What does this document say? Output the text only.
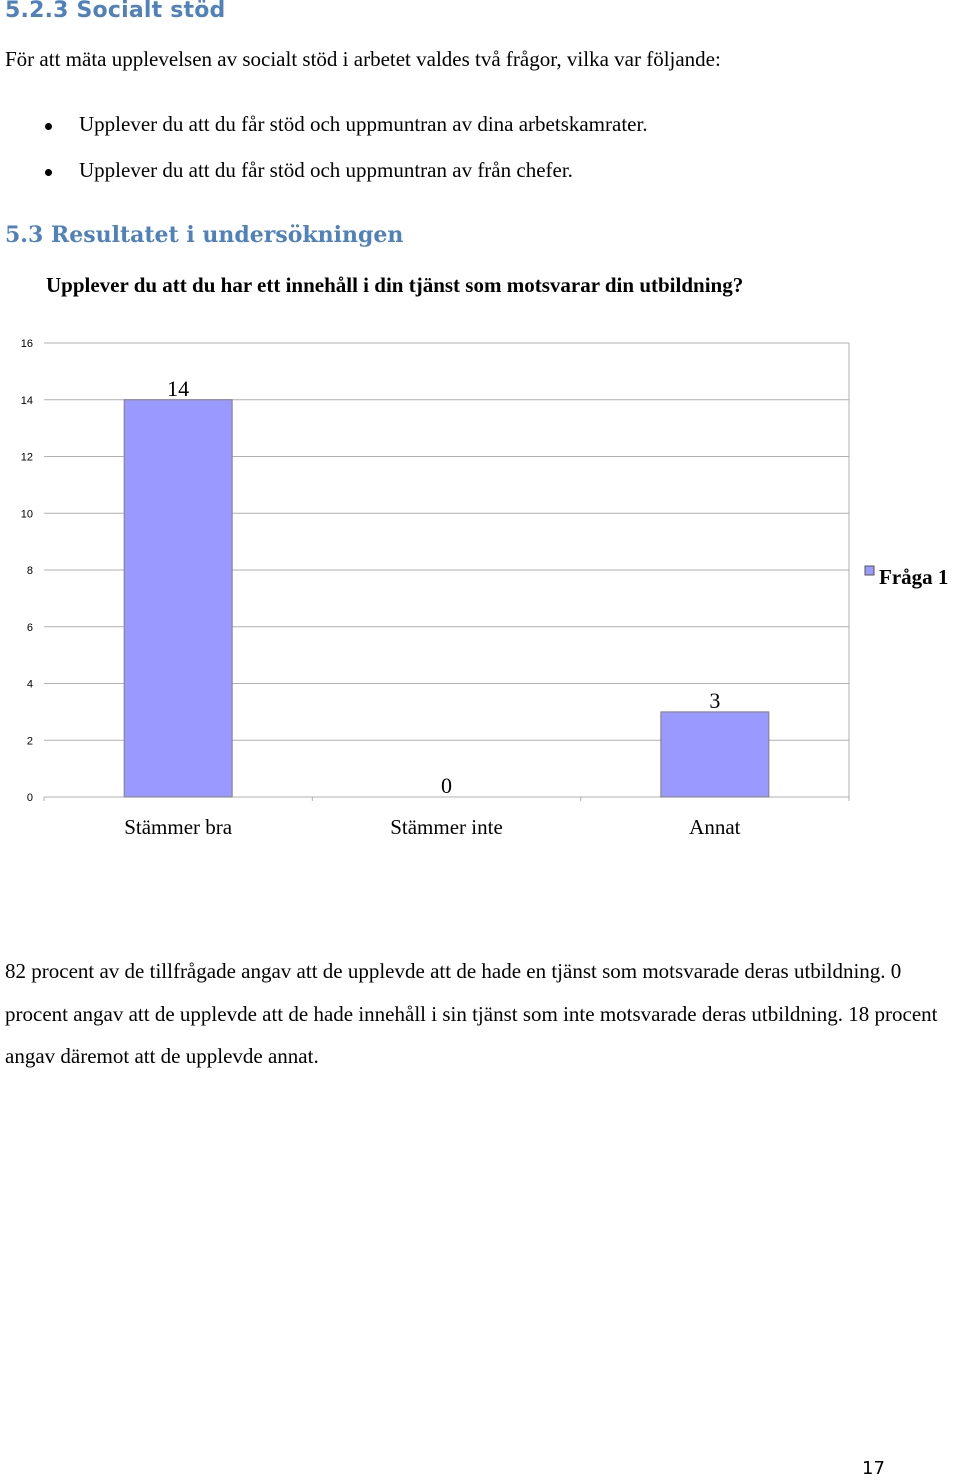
5.2.3 Socialt stöd

För att mäta upplevelsen av socialt stöd i arbetet valdes två frågor, vilka var följande:

Upplever du att du får stöd och uppmuntran av dina arbetskamrater.
Upplever du att du får stöd och uppmuntran av från chefer.
5.3 Resultatet i undersökningen

Upplever du att du har ett innehåll i din tjänst som motsvarar din utbildning?

0
2
4
6
8
10
12
14
16
14
Stämmer bra
0
Stämmer inte
3
Annat
Fråga 1

82 procent av de tillfrågade angav att de upplevde att de hade en tjänst som motsvarade deras utbildning. 0 procent angav att de upplevde att de hade innehåll i sin tjänst som inte motsvarade deras utbildning. 18 procent angav däremot att de upplevde annat.

17
